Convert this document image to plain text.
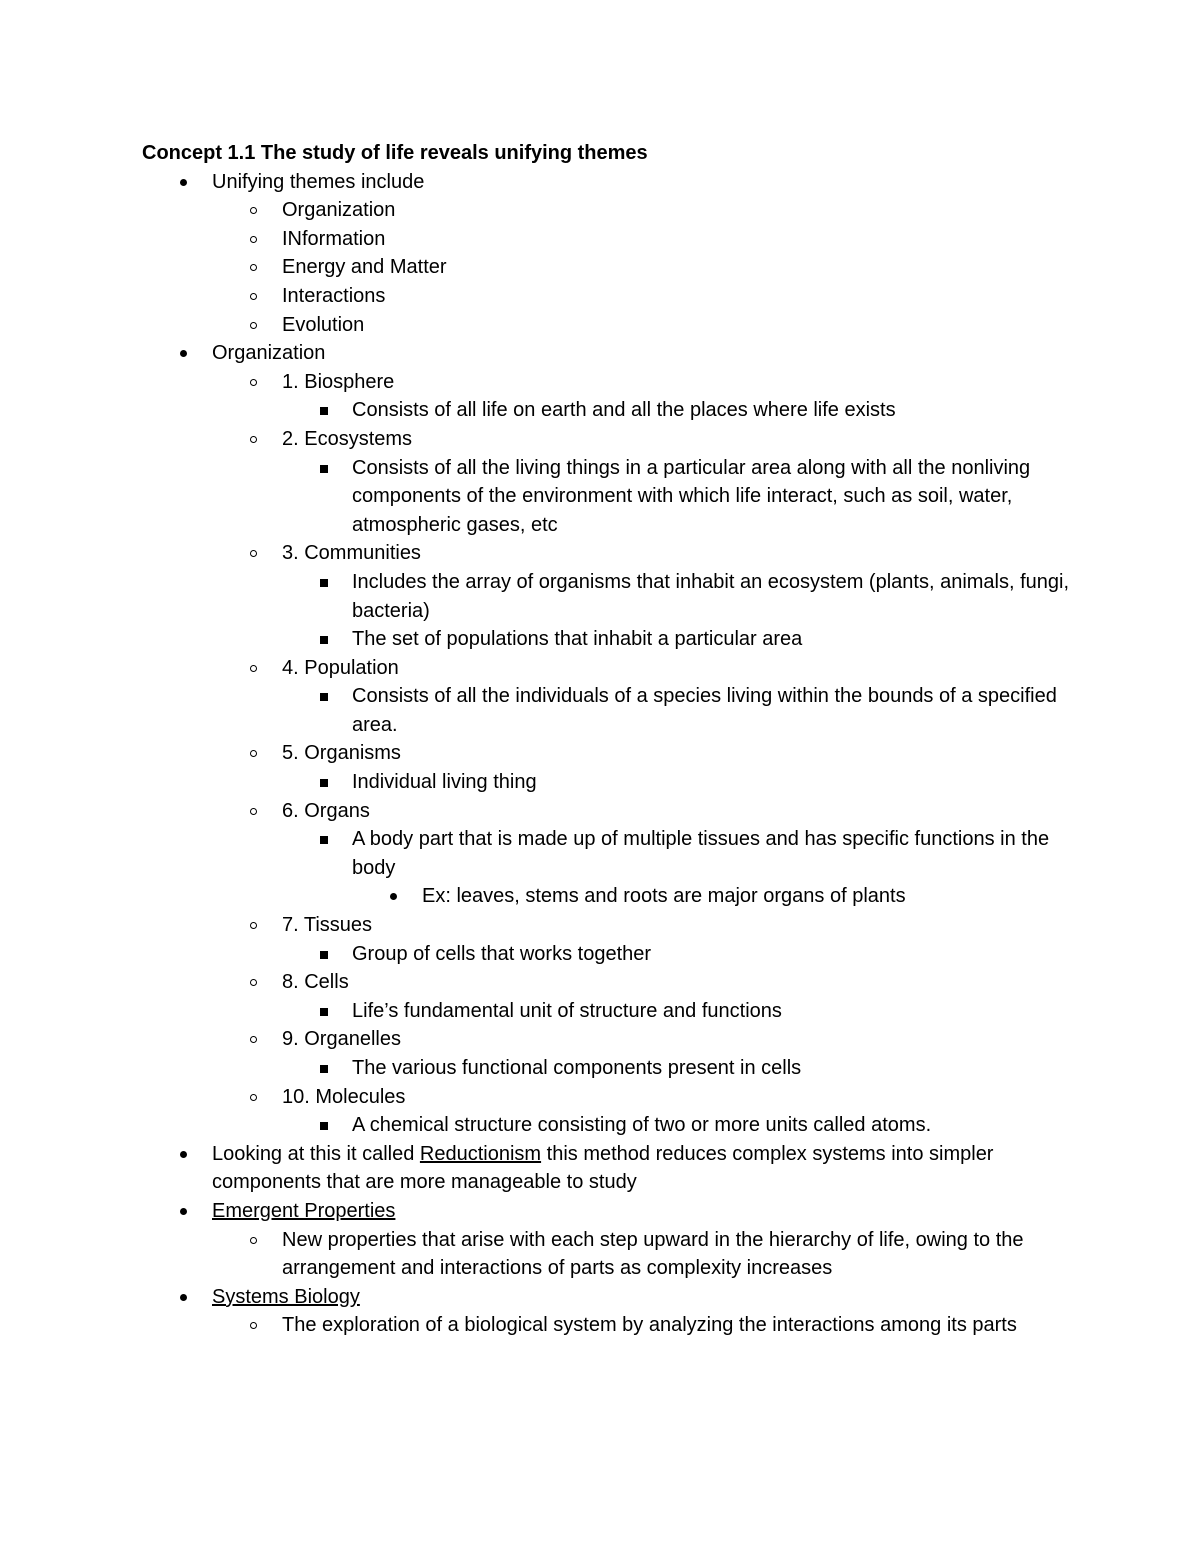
Concept 1.1 The study of life reveals unifying themes
Unifying themes include
Organization
INformation
Energy and Matter
Interactions
Evolution
Organization
1. Biosphere
Consists of all life on earth and all the places where life exists
2. Ecosystems
Consists of all the living things in a particular area along with all the nonliving components of the environment with which life interact, such as soil, water, atmospheric gases, etc
3. Communities
Includes the array of organisms that inhabit an ecosystem (plants, animals, fungi, bacteria)
The set of populations that inhabit a particular area
4. Population
Consists of all the individuals of a species living within the bounds of a specified area.
5. Organisms
Individual living thing
6. Organs
A body part that is made up of multiple tissues and has specific functions in the body
Ex: leaves, stems and roots are major organs of plants
7. Tissues
Group of cells that works together
8. Cells
Life’s fundamental unit of structure and functions
9. Organelles
The various functional components present in cells
10. Molecules
A chemical structure consisting of two or more units called atoms.
Looking at this it called Reductionism this method reduces complex systems into simpler components that are more manageable to study
Emergent Properties
New properties that arise with each step upward in the hierarchy of life, owing to the arrangement and interactions of parts as complexity increases
Systems Biology
The exploration of a biological system by analyzing the interactions among its parts
